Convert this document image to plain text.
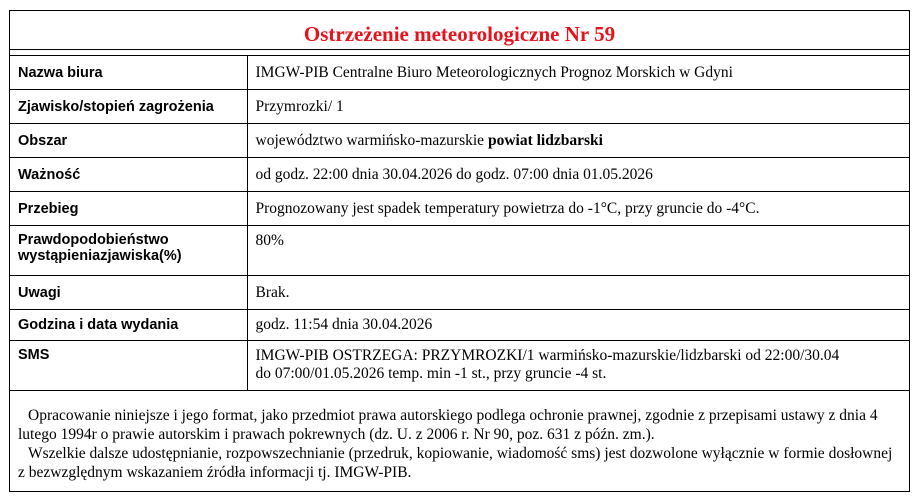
Ostrzeżenie meteorologiczne Nr 59
Nazwa biura	IMGW-PIB Centralne Biuro Meteorologicznych Prognoz Morskich w Gdyni
Zjawisko/stopień zagrożenia	Przymrozki/ 1
Obszar	województwo warmińsko-mazurskie powiat lidzbarski
Ważność	od godz. 22:00 dnia 30.04.2026 do godz. 07:00 dnia 01.05.2026
Przebieg	Prognozowany jest spadek temperatury powietrza do -1°C, przy gruncie do -4°C.
Prawdopodobieństwo
wystąpieniazjawiska(%)	80%
Uwagi	Brak.
Godzina i data wydania	godz. 11:54 dnia 30.04.2026
SMS	IMGW-PIB OSTRZEGA: PRZYMROZKI/1 warmińsko-mazurskie/lidzbarski od 22:00/30.04
do 07:00/01.05.2026 temp. min -1 st., przy gruncie -4 st.

Opracowanie niniejsze i jego format, jako przedmiot prawa autorskiego podlega ochronie prawnej, zgodnie z przepisami ustawy z dnia 4 lutego 1994r o prawie autorskim i prawach pokrewnych (dz. U. z 2006 r. Nr 90, poz. 631 z późn. zm.).

Wszelkie dalsze udostępnianie, rozpowszechnianie (przedruk, kopiowanie, wiadomość sms) jest dozwolone wyłącznie w formie dosłownej z bezwzględnym wskazaniem źródła informacji tj. IMGW-PIB.
